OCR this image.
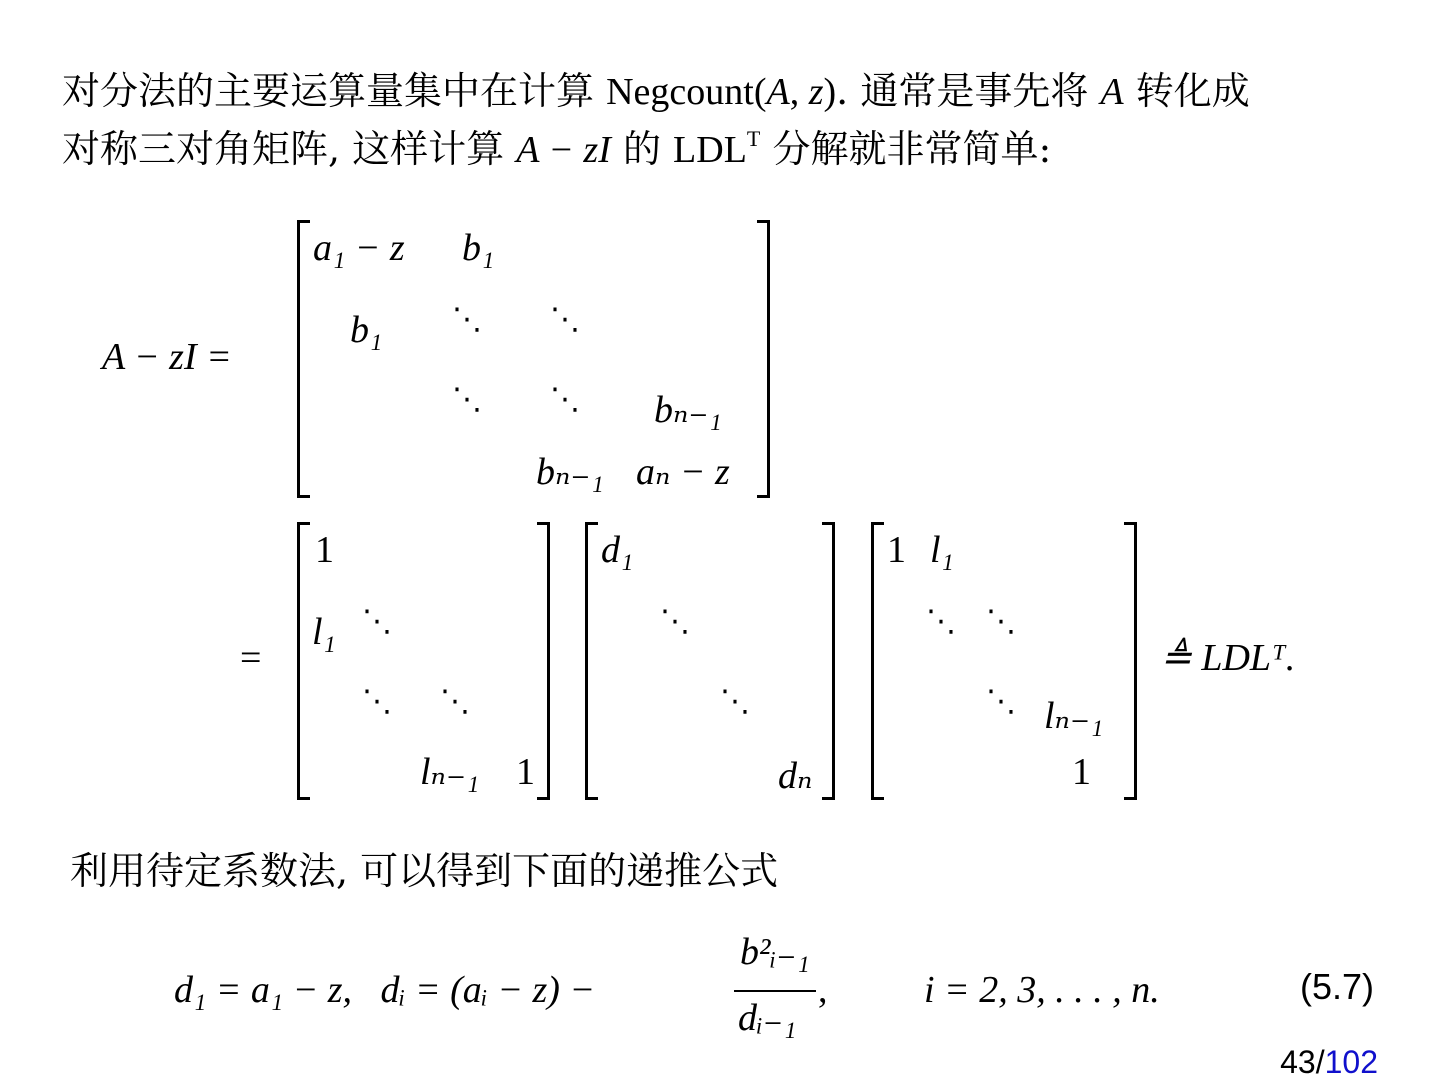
对分法的主要运算量集中在计算 Negcount(A, z). 通常是事先将 A 转化成
对称三对角矩阵, 这样计算 A − zI 的 $LDL^T$ 分解就非常简单:
A − zI =
a₁ − z b₁
b₁ ⋱ ⋱
⋱ ⋱ bₙ₋₁
bₙ₋₁ aₙ − z
=
1
l₁ ⋱
⋱ ⋱
lₙ₋₁ 1
d₁
⋱
⋱
dₙ
1 l₁
⋱ ⋱
⋱ lₙ₋₁
1
≜ LDLᵀ.
利用待定系数法, 可以得到下面的递推公式
d₁ = a₁ − z,   dᵢ = (aᵢ − z) −
b²ᵢ₋₁
dᵢ₋₁
,	i = 2, 3, . . . , n.	(5.7)
43/102
